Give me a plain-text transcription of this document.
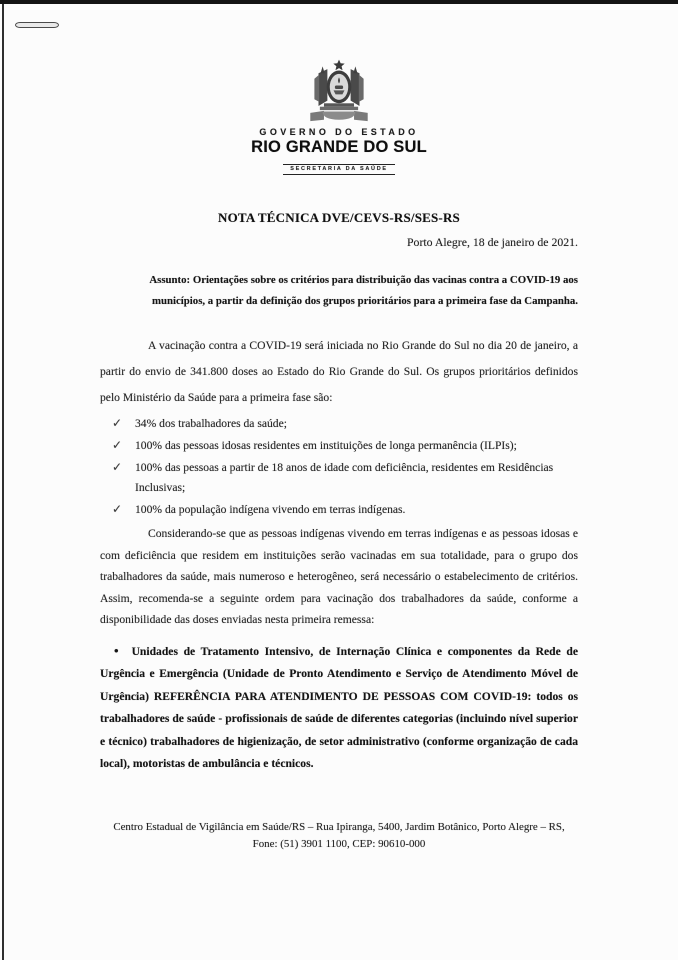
GOVERNO DO ESTADO
RIO GRANDE DO SUL
SECRETARIA DA SAÚDE
NOTA TÉCNICA DVE/CEVS-RS/SES-RS

Porto Alegre, 18 de janeiro de 2021.

Assunto: Orientações sobre os critérios para distribuição das vacinas contra a COVID-19 aos municípios, a partir da definição dos grupos prioritários para a primeira fase da Campanha.

A vacinação contra a COVID-19 será iniciada no Rio Grande do Sul no dia 20 de janeiro, a partir do envio de 341.800 doses ao Estado do Rio Grande do Sul. Os grupos prioritários definidos pelo Ministério da Saúde para a primeira fase são:

✓ 34% dos trabalhadores da saúde;
✓ 100% das pessoas idosas residentes em instituições de longa permanência (ILPIs);
✓ 100% das pessoas a partir de 18 anos de idade com deficiência, residentes em Residências Inclusivas;
✓ 100% da população indígena vivendo em terras indígenas.

Considerando-se que as pessoas indígenas vivendo em terras indígenas e as pessoas idosas e com deficiência que residem em instituições serão vacinadas em sua totalidade, para o grupo dos trabalhadores da saúde, mais numeroso e heterogêneo, será necessário o estabelecimento de critérios. Assim, recomenda-se a seguinte ordem para vacinação dos trabalhadores da saúde, conforme a disponibilidade das doses enviadas nesta primeira remessa:

• Unidades de Tratamento Intensivo, de Internação Clínica e componentes da Rede de Urgência e Emergência (Unidade de Pronto Atendimento e Serviço de Atendimento Móvel de Urgência) REFERÊNCIA PARA ATENDIMENTO DE PESSOAS COM COVID-19: todos os trabalhadores de saúde - profissionais de saúde de diferentes categorias (incluindo nível superior e técnico) trabalhadores de higienização, de setor administrativo (conforme organização de cada local), motoristas de ambulância e técnicos.

Centro Estadual de Vigilância em Saúde/RS – Rua Ipiranga, 5400, Jardim Botânico, Porto Alegre – RS,
Fone: (51) 3901 1100, CEP: 90610-000
